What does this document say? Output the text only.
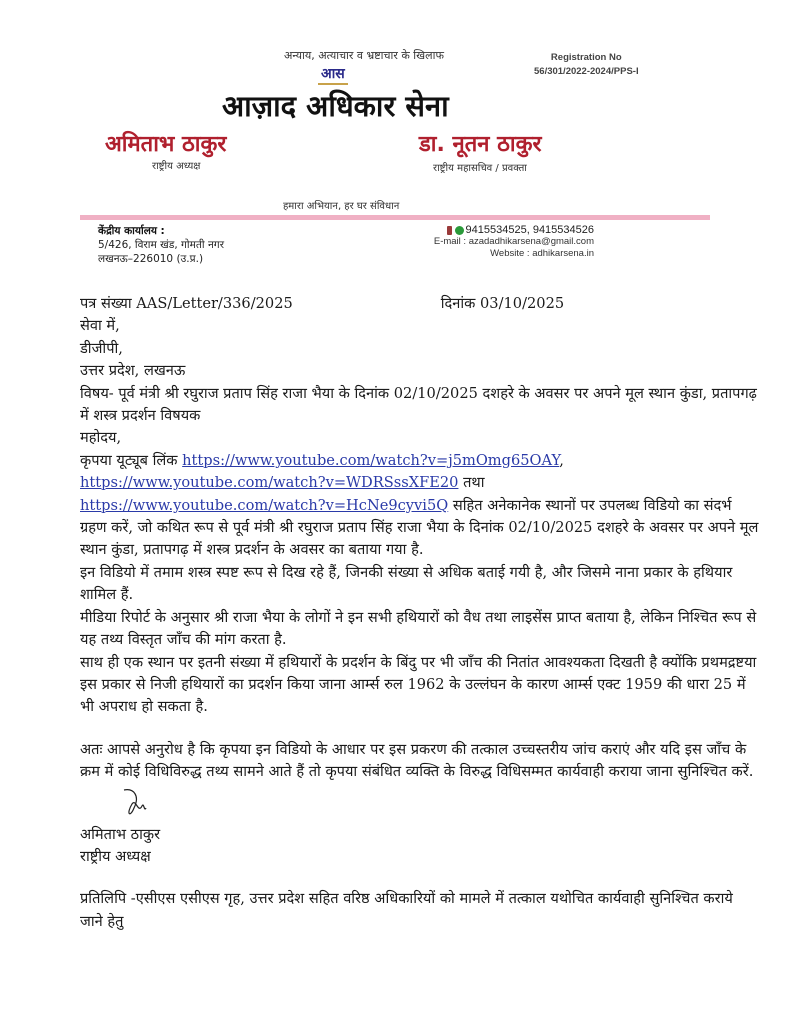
अन्याय, अत्याचार व भ्रष्टाचार के खिलाफ
आस
Registration No
56/301/2022-2024/PPS-I
आज़ाद अधिकार सेना
अमिताभ ठाकुर
राष्ट्रीय अध्यक्ष
डा. नूतन ठाकुर
राष्ट्रीय महासचिव / प्रवक्ता
हमारा अभियान, हर घर संविधान
केंद्रीय कार्यालय :
5/426, विराम खंड, गोमती नगर
लखनऊ–226010 (उ.प्र.)
9415534525, 9415534526
E-mail : azadadhikarsena@gmail.com
Website : adhikarsena.in
पत्र संख्या AAS/Letter/336/2025	दिनांक 03/10/2025

सेवा में,

डीजीपी,

उत्तर प्रदेश, लखनऊ

विषय- पूर्व मंत्री श्री रघुराज प्रताप सिंह राजा भैया के दिनांक 02/10/2025 दशहरे के अवसर पर अपने मूल स्थान कुंडा, प्रतापगढ़ में शस्त्र प्रदर्शन विषयक

महोदय,

कृपया यूट्यूब लिंक https://www.youtube.com/watch?v=j5mOmg65OAY,
https://www.youtube.com/watch?v=WDRSssXFE20 तथा
https://www.youtube.com/watch?v=HcNe9cyvi5Q सहित अनेकानेक स्थानों पर उपलब्ध विडियो का संदर्भ ग्रहण करें, जो कथित रूप से पूर्व मंत्री श्री रघुराज प्रताप सिंह राजा भैया के दिनांक 02/10/2025 दशहरे के अवसर पर अपने मूल स्थान कुंडा, प्रतापगढ़ में शस्त्र प्रदर्शन के अवसर का बताया गया है.

इन विडियो में तमाम शस्त्र स्पष्ट रूप से दिख रहे हैं, जिनकी संख्या से अधिक बताई गयी है, और जिसमे नाना प्रकार के हथियार शामिल हैं.

मीडिया रिपोर्ट के अनुसार श्री राजा भैया के लोगों ने इन सभी हथियारों को वैध तथा लाइसेंस प्राप्त बताया है, लेकिन निश्चित रूप से यह तथ्य विस्तृत जाँच की मांग करता है.

साथ ही एक स्थान पर इतनी संख्या में हथियारों के प्रदर्शन के बिंदु पर भी जाँच की नितांत आवश्यकता दिखती है क्योंकि प्रथमद्रष्टया इस प्रकार से निजी हथियारों का प्रदर्शन किया जाना आर्म्स रुल 1962 के उल्लंघन के कारण आर्म्स एक्ट 1959 की धारा 25 में भी अपराध हो सकता है.

अतः आपसे अनुरोध है कि कृपया इन विडियो के आधार पर इस प्रकरण की तत्काल उच्चस्तरीय जांच कराएं और यदि इस जाँच के क्रम में कोई विधिविरुद्ध तथ्य सामने आते हैं तो कृपया संबंधित व्यक्ति के विरुद्ध विधिसम्मत कार्यवाही कराया जाना सुनिश्चित करें.

अमिताभ ठाकुर

राष्ट्रीय अध्यक्ष

प्रतिलिपि -एसीएस एसीएस गृह, उत्तर प्रदेश सहित वरिष्ठ अधिकारियों को मामले में तत्काल यथोचित कार्यवाही सुनिश्चित कराये जाने हेतु
